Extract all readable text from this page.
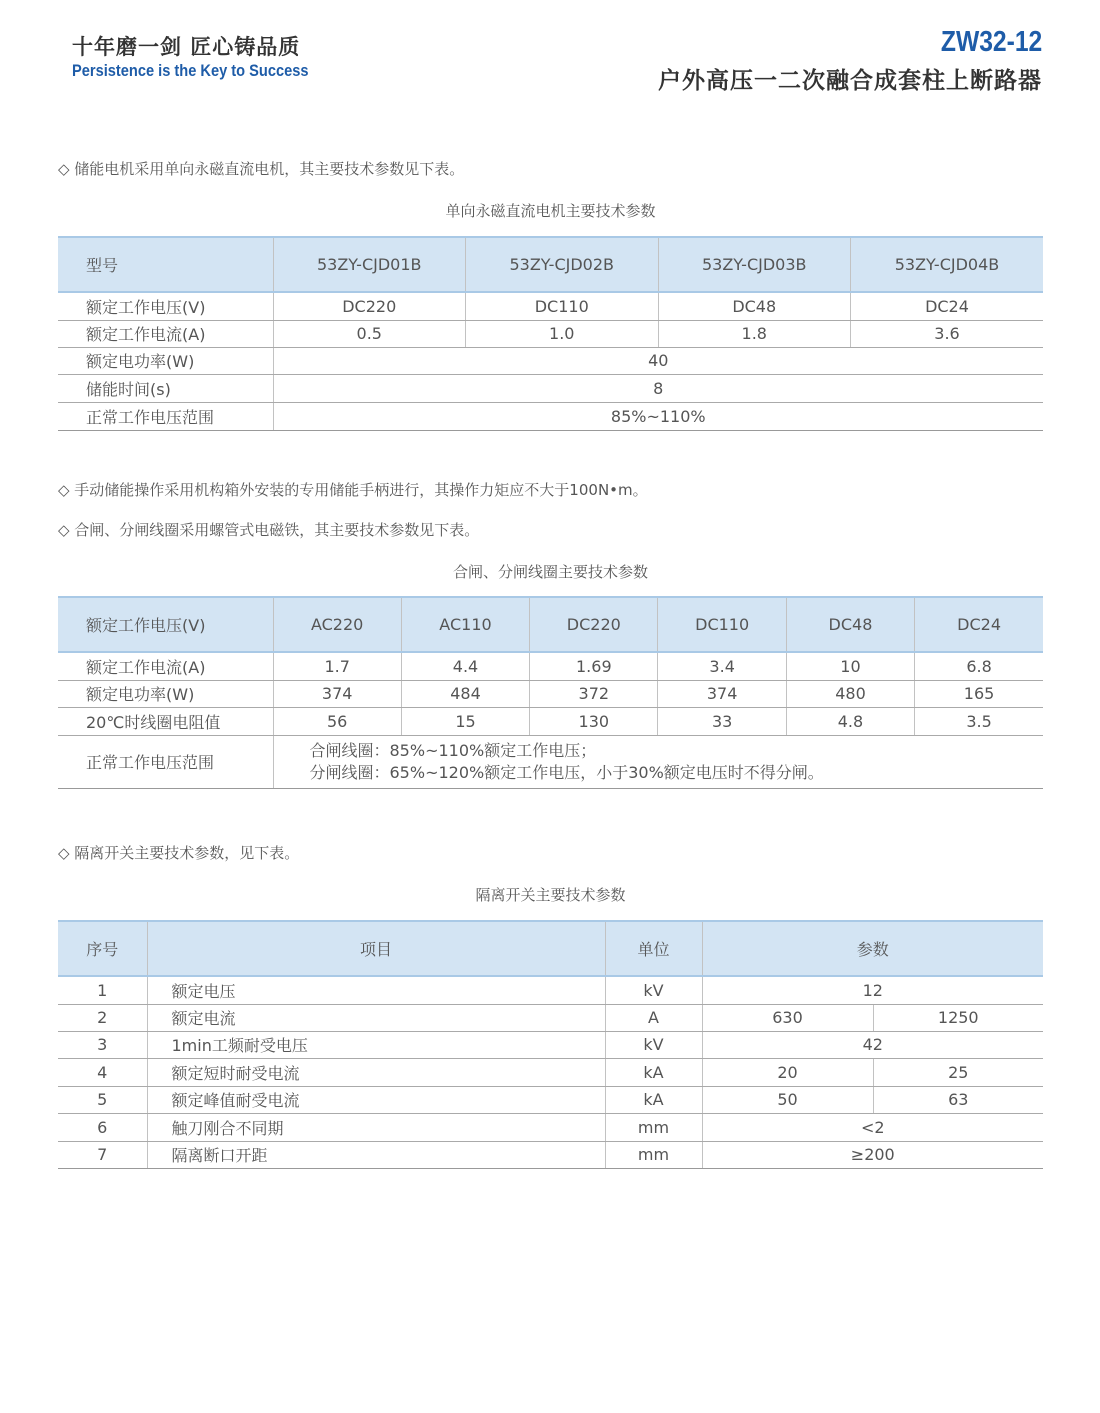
十年磨一剑 匠心铸品质
Persistence is the Key to Success
ZW32-12
户外高压一二次融合成套柱上断路器
◇ 储能电机采用单向永磁直流电机，其主要技术参数见下表。
单向永磁直流电机主要技术参数
型号	53ZY-CJD01B	53ZY-CJD02B	53ZY-CJD03B	53ZY-CJD04B
额定工作电压(V)	DC220	DC110	DC48	DC24
额定工作电流(A)	0.5	1.0	1.8	3.6
额定电功率(W)	40			
储能时间(s)	8			
正常工作电压范围	85%~110%			
◇ 手动储能操作采用机构箱外安装的专用储能手柄进行，其操作力矩应不大于100N•m。
◇ 合闸、分闸线圈采用螺管式电磁铁，其主要技术参数见下表。
合闸、分闸线圈主要技术参数
额定工作电压(V)	AC220	AC110	DC220	DC110	DC48	DC24
额定工作电流(A)	1.7	4.4	1.69	3.4	10	6.8
额定电功率(W)	374	484	372	374	480	165
20℃时线圈电阻值	56	15	130	33	4.8	3.5
正常工作电压范围	合闸线圈：85%~110%额定工作电压；
分闸线圈：65%~120%额定工作电压，小于30%额定电压时不得分闸。					
◇ 隔离开关主要技术参数，见下表。
隔离开关主要技术参数
序号	项目	单位	参数	
1	额定电压	kV	12	
2	额定电流	A	630	1250
3	1min工频耐受电压	kV	42	
4	额定短时耐受电流	kA	20	25
5	额定峰值耐受电流	kA	50	63
6	触刀刚合不同期	mm	<2	
7	隔离断口开距	mm	≥200	
